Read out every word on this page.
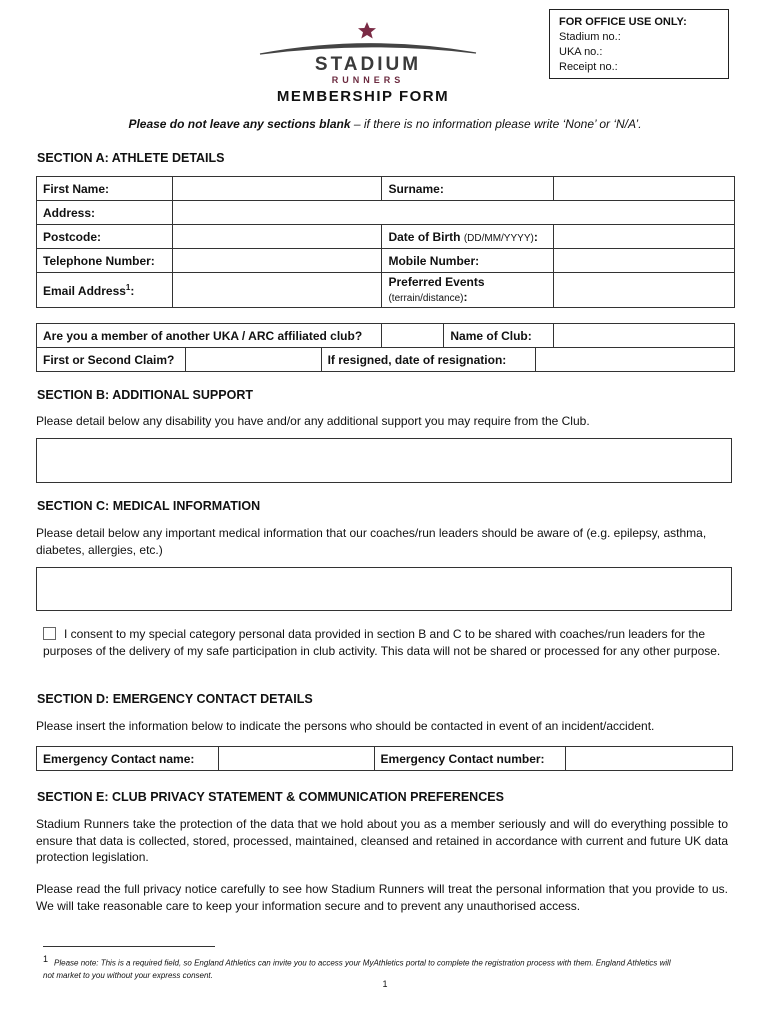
FOR OFFICE USE ONLY:
Stadium no.:
UKA no.:
Receipt no.:
STADIUM
RUNNERS
MEMBERSHIP FORM
Please do not leave any sections blank – if there is no information please write ‘None’ or ‘N/A’.
SECTION A: ATHLETE DETAILS
First Name:		Surname:	
Address:			
Postcode:		Date of Birth (DD/MM/YYYY):	
Telephone Number:		Mobile Number:	
Email Address$^1$:		Preferred Events
(terrain/distance):	
Are you a member of another UKA / ARC affiliated club?		Name of Club:	
First or Second Claim?		If resigned, date of resignation:	
SECTION B: ADDITIONAL SUPPORT
Please detail below any disability you have and/or any additional support you may require from the Club.
SECTION C: MEDICAL INFORMATION
Please detail below any important medical information that our coaches/run leaders should be aware of (e.g. epilepsy, asthma, diabetes, allergies, etc.)
I consent to my special category personal data provided in section B and C to be shared with coaches/run leaders for the purposes of the delivery of my safe participation in club activity. This data will not be shared or processed for any other purpose.
SECTION D: EMERGENCY CONTACT DETAILS
Please insert the information below to indicate the persons who should be contacted in event of an incident/accident.
Emergency Contact name:		Emergency Contact number:	
SECTION E: CLUB PRIVACY STATEMENT & COMMUNICATION PREFERENCES
Stadium Runners take the protection of the data that we hold about you as a member seriously and will do everything possible to ensure that data is collected, stored, processed, maintained, cleansed and retained in accordance with current and future UK data protection legislation.
Please read the full privacy notice carefully to see how Stadium Runners will treat the personal information that you provide to us. We will take reasonable care to keep your information secure and to prevent any unauthorised access.
$^1$ Please note: This is a required field, so England Athletics can invite you to access your MyAthletics portal to complete the registration process with them. England Athletics will not market to you without your express consent.
1
